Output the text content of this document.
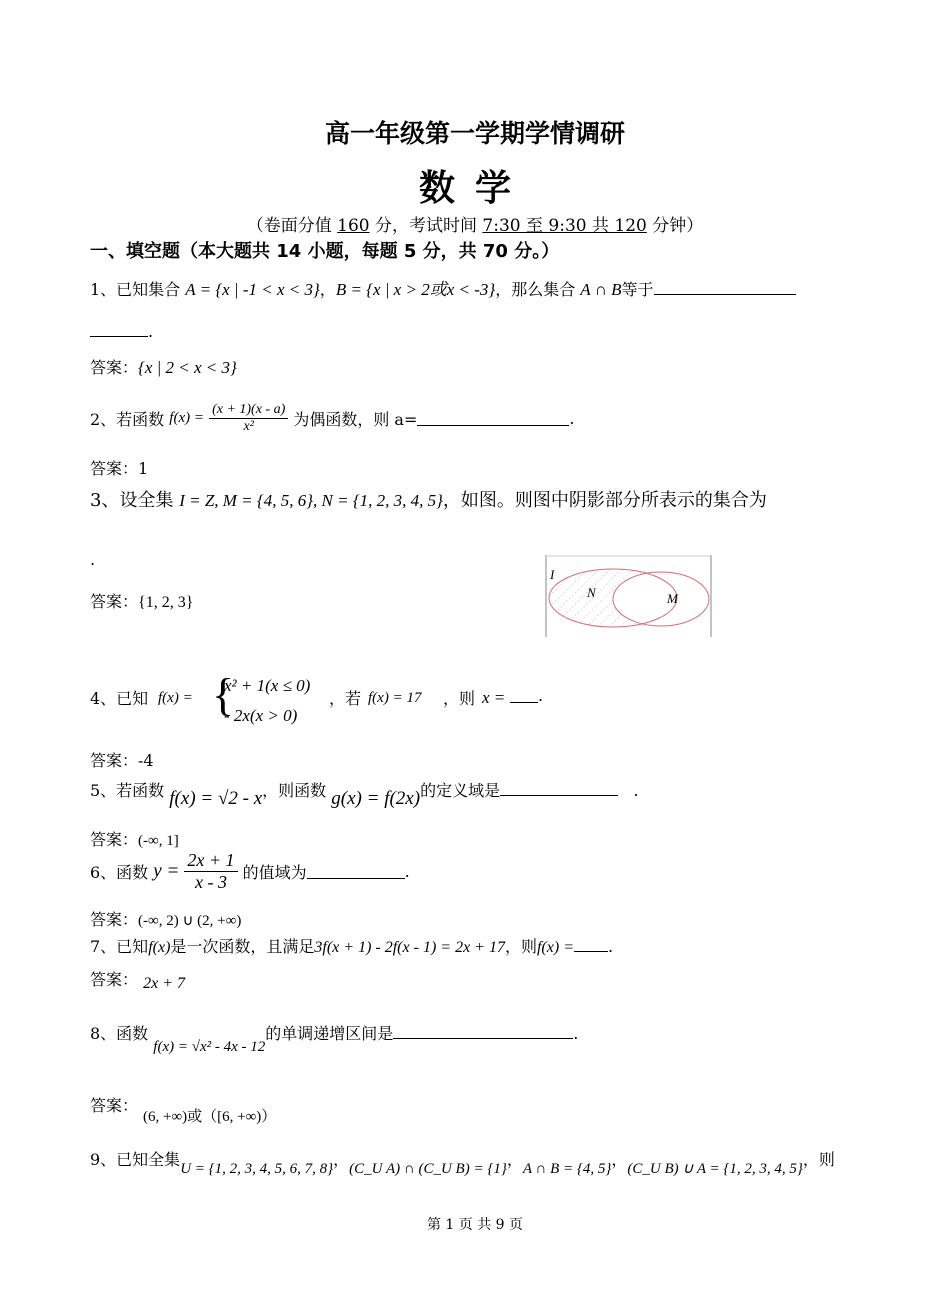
高一年级第一学期学情调研
数学
（卷面分值 160 分，考试时间 7:30 至 9:30 共 120 分钟）
一、填空题（本大题共 14 小题，每题 5 分，共 70 分。）
1、已知集合 A = {x | -1 < x < 3}，B = {x | x > 2或x < -3}，那么集合 A ∩ B等于
.
答案：{x | 2 < x < 3}
2、若函数 $f(x) = \frac{(x + 1)(x - a)}{\text{x²}}$ 为偶函数，则 a=	.
答案：1
3、设全集 I = Z, M = {4, 5, 6}, N = {1, 2, 3, 4, 5}，如图。则图中阴影部分所表示的集合为
.
答案：{1, 2, 3}
I
N	M
4、已知 f(x) = {
x² + 1(x ≤ 0)
- 2x(x > 0)
，若 f(x) = 17 ，则 x = .
答案：-4
5、若函数 f(x) = √2 - x，则函数 g(x) = f(2x)的定义域是	.
答案：(-∞, 1]
6、函数 $y = \frac{2x + 1}{x - 3}$ 的值域为	.
答案：(-∞, 2) ∪ (2, +∞)
7、已知f(x)是一次函数，且满足3f(x + 1) - 2f(x - 1) = 2x + 17，则f(x) = .
答案： 2x + 7
8、函数 f(x) = √x² - 4x - 12的单调递增区间是	.
答案：
(6, +∞)或（[6, +∞)）
9、已知全集U = {1, 2, 3, 4, 5, 6, 7, 8}，(C_U A) ∩ (C_U B) = {1}，A ∩ B = {4, 5}，(C_U B) ∪ A = {1, 2, 3, 4, 5}，则
第 1 页 共 9 页
